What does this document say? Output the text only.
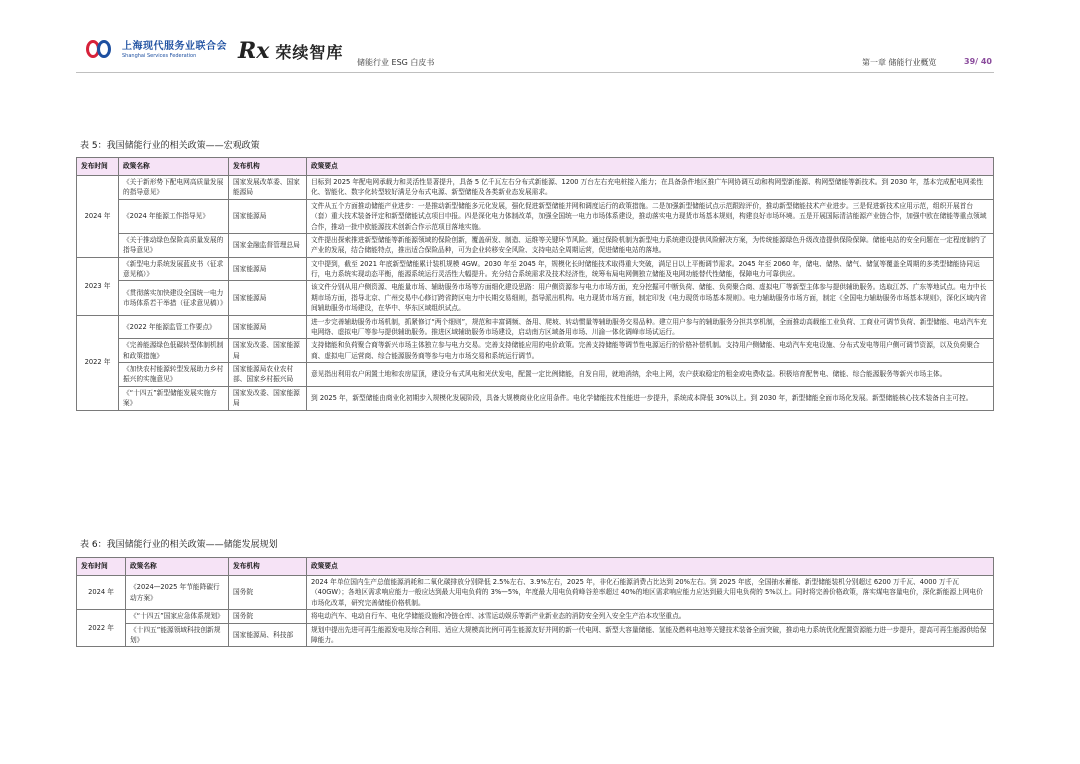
上海现代服务业联合会
Shanghai Services Federation	Rx 荣续智库
储能行业 ESG 白皮书	第一章 储能行业概览	39/ 40
表 5：我国储能行业的相关政策——宏观政策
发布时间	政策名称	发布机构	政策要点
2024 年	《关于新形势下配电网高质量发展的指导意见》	国家发展改革委、国家能源局	目标到 2025 年配电网承载力和灵活性显著提升，具备 5 亿千瓦左右分布式新能源、1200 万台左右充电桩接入能力；在具备条件地区推广车网协调互动和构网型新能源、构网型储能等新技术。到 2030 年，基本完成配电网柔性化、智能化、数字化转型较好满足分布式电源、新型储能及各类新业态发展需求。
	《2024 年能源工作指导见》	国家能源局	文件从五个方面推动储能产业进步：一是推动新型储能多元化发展，强化促进新型储能并网和调度运行的政策措施。二是加强新型储能试点示范跟踪评价，推动新型储能技术产业进步。三是促进新技术应用示范，组织开展首台（套）重大技术装备评定和新型储能试点项目申报。四是深化电力体制改革，加强全国统一电力市场体系建设，推动落实电力现货市场基本规则，构建良好市场环境。五是开展国际清洁能源产业链合作，加强中欧在储能等重点领域合作，推动一批中欧能源技术创新合作示范项目落地实施。
	《关于推动绿色保险高质量发展的指导意见》	国家金融监督管理总局	文件提出探索推进新型储能等新能源领域的保险创新，覆盖研发、制造、运维等关键环节风险。通过保险机制为新型电力系统建设提供风险解决方案，为传统能源绿色升级改造提供保险保障。储能电站的安全问题在一定程度制约了产业的发展，结合储能特点，推出适合保险品种，可为企业转移安全风险、支持电站全周期运营，促进储能电站的落地。
2023 年	《新型电力系统发展蓝皮书（征求意见稿）》	国家能源局	文中提到，截至 2021 年底新型储能累计装机规模 4GW。2030 年至 2045 年，规模化长时储能技术取得重大突破，满足日以上平衡调节需求。2045 年至 2060 年，储电、储热、储气、储氢等覆盖全周期的多类型储能协同运行，电力系统实现动态平衡，能源系统运行灵活性大幅提升。充分结合系统需求及技术经济性，统筹布局电网侧独立储能及电网功能替代性储能，保障电力可靠供应。
	《贯彻落实加快建设全国统一电力市场体系若干举措（征求意见稿）》	国家能源局	该文件分别从用户侧资源、电能量市场、辅助服务市场等方面细化建设思路：用户侧资源参与电力市场方面，充分挖掘可中断负荷、储能、负荷聚合商、虚拟电厂等新型主体参与提供辅助服务。选取江苏、广东等地试点。电力中长期市场方面，指导北京、广州交易中心修订跨省跨区电力中长期交易细则，指导派出机构。电力现货市场方面，制定印发《电力现货市场基本规则》。电力辅助服务市场方面，制定《全国电力辅助服务市场基本规则》，深化区域内省间辅助服务市场建设，在华中、华东区域组织试点。
2022 年	《2022 年能源监管工作要点》	国家能源局	进一步完善辅助服务市场机制，抓紧修订“两个细则”，规范和丰富调频、备用、爬坡、转动惯量等辅助服务交易品种。建立用户参与的辅助服务分担共享机制，全面推动高载能工业负荷、工商业可调节负荷、新型储能、电动汽车充电网络、虚拟电厂等参与提供辅助服务。推进区域辅助服务市场建设，启动南方区域备用市场、川渝一体化调峰市场试运行。
	《完善能源绿色低碳转型体制机制和政策措施》	国家发改委、国家能源局	支持储能和负荷聚合商等新兴市场主体独立参与电力交易。完善支持储能应用的电价政策。完善支持储能等调节性电源运行的价格补偿机制。支持用户侧储能、电动汽车充电设施、分布式发电等用户侧可调节资源，以及负荷聚合商、虚拟电厂运营商、综合能源服务商等参与电力市场交易和系统运行调节。
	《加快农村能源转型发展助力乡村振兴的实施意见》	国家能源局农业农村部、国家乡村振兴局	意见指出利用农户闲置土地和农房屋顶，建设分布式风电和光伏发电，配置一定比例储能，自发自用，就地消纳，余电上网，农户获取稳定的租金或电费收益。积极培育配售电、储能、综合能源服务等新兴市场主体。
	《“十四五”新型储能发展实施方案》	国家发改委、国家能源局	到 2025 年，新型储能由商业化初期步入规模化发展阶段，具备大规模商业化应用条件。电化学储能技术性能进一步提升，系统成本降低 30%以上。到 2030 年，新型储能全面市场化发展。新型储能核心技术装备自主可控。
表 6：我国储能行业的相关政策——储能发展规划
发布时间	政策名称	发布机构	政策要点
2024 年	《2024—2025 年节能降碳行动方案》	国务院	2024 年单位国内生产总值能源消耗和二氧化碳排放分别降低 2.5%左右、3.9%左右，2025 年，非化石能源消费占比达到 20%左右。到 2025 年底，全国抽水蓄能、新型储能装机分别超过 6200 万千瓦、4000 万千瓦（40GW）；各地区需求响应能力一般应达到最大用电负荷的 3%—5%，年度最大用电负荷峰谷差率超过 40%的地区需求响应能力应达到最大用电负荷的 5%以上。同时将完善价格政策，落实煤电容量电价，深化新能源上网电价市场化改革，研究完善储能价格机制。
2022 年	《“十四五”国家应急体系规划》	国务院	将电动汽车、电动自行车、电化学储能设施和冷链仓库、冰雪运动娱乐等新产业新业态的消防安全列入安全生产治本攻坚重点。
	《十四五”能源领域科技创新规划》	国家能源局、科技部	规划中提出先进可再生能源发电及综合利用、适应大规模高比例可再生能源友好并网的新一代电网、新型大容量储能、氢能及燃料电池等关键技术装备全面突破，推动电力系统优化配置资源能力进一步提升，提高可再生能源供给保障能力。
